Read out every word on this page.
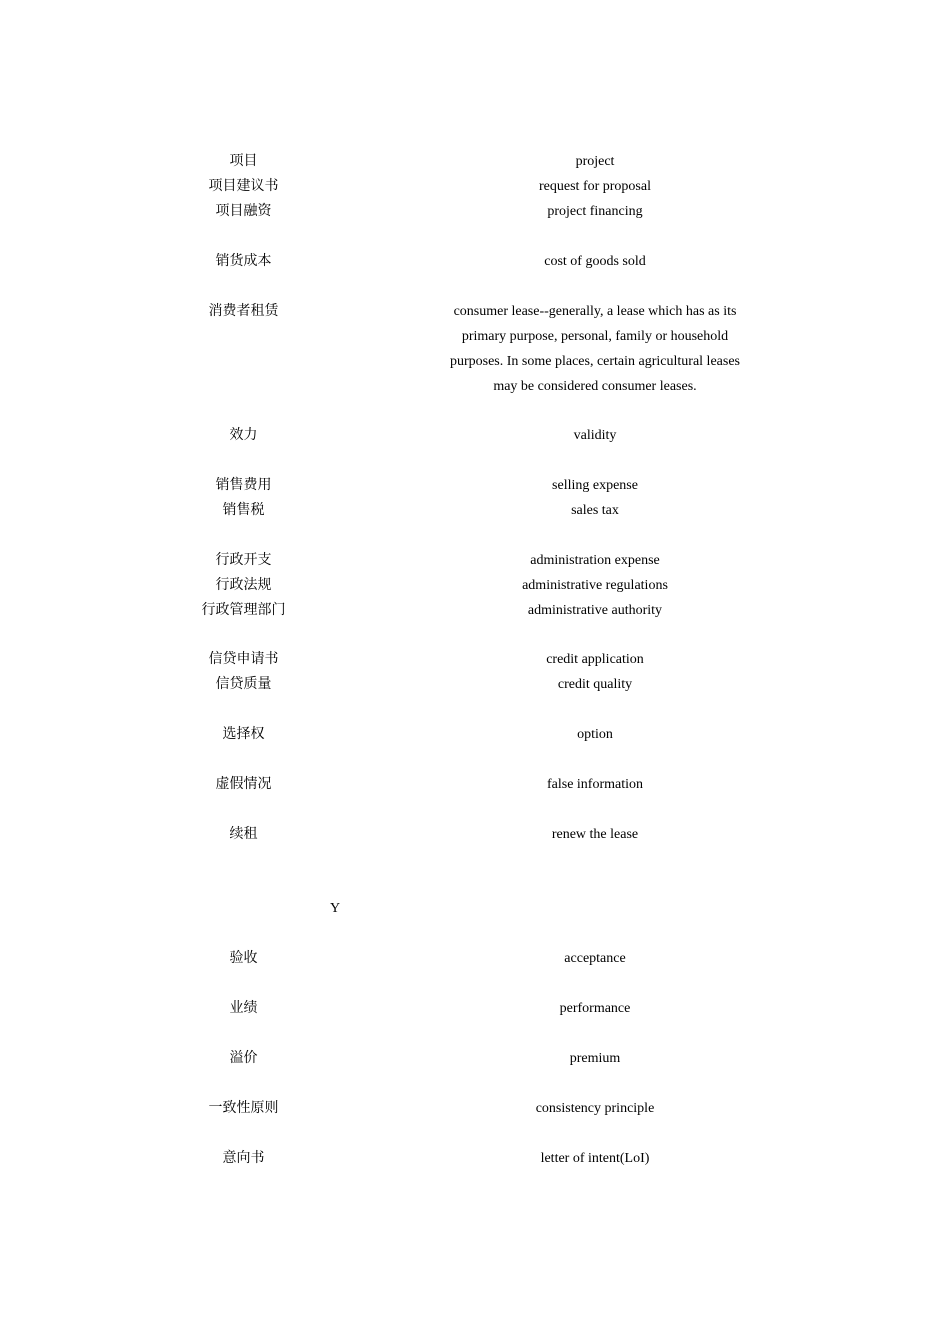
项目	project
项目建议书	request for proposal
项目融资	project financing
销货成本	cost of goods sold
消费者租赁	consumer lease--generally, a lease which has as its primary purpose, personal, family or household purposes. In some places, certain agricultural leases may be considered consumer leases.
效力	validity
销售费用	selling expense
销售税	sales tax
行政开支	administration expense
行政法规	administrative regulations
行政管理部门	administrative authority
信贷申请书	credit application
信贷质量	credit quality
选择权	option
虚假情况	false information
续租	renew the lease
Y
验收	acceptance
业绩	performance
溢价	premium
一致性原则	consistency principle
意向书	letter of intent(LoI)
